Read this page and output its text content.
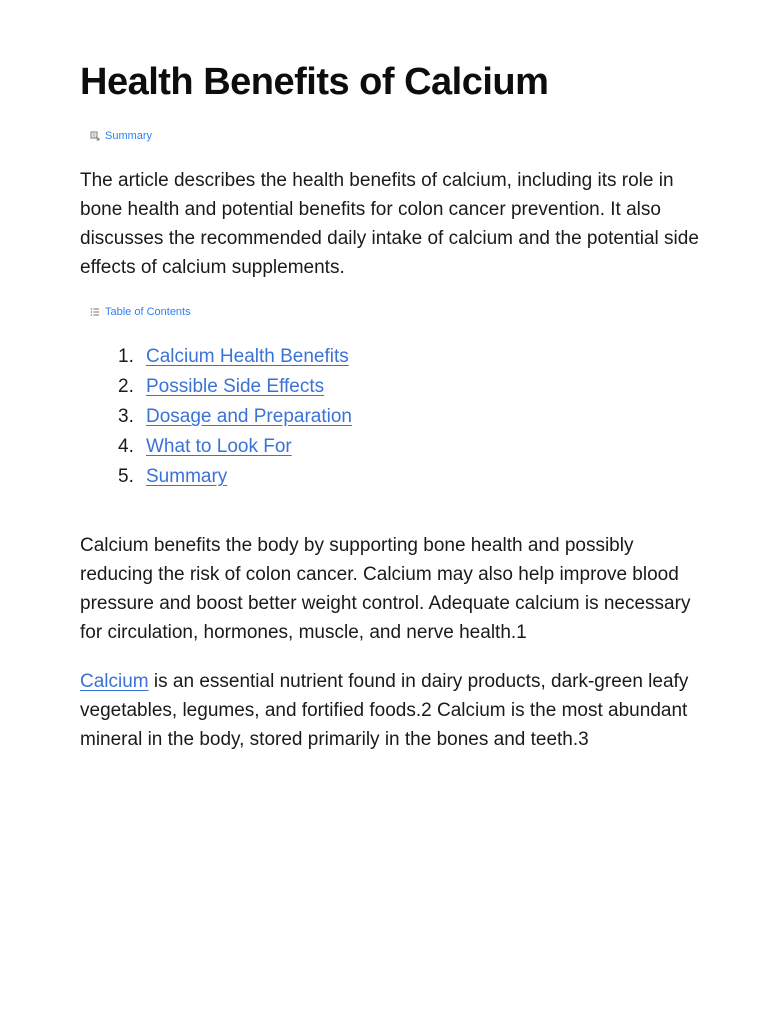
Health Benefits of Calcium
Summary

The article describes the health benefits of calcium, including its role in bone health and potential benefits for colon cancer prevention. It also discusses the recommended daily intake of calcium and the potential side effects of calcium supplements.

Table of Contents
1. Calcium Health Benefits
2. Possible Side Effects
3. Dosage and Preparation
4. What to Look For
5. Summary

Calcium benefits the body by supporting bone health and possibly reducing the risk of colon cancer. Calcium may also help improve blood pressure and boost better weight control. Adequate calcium is necessary for circulation, hormones, muscle, and nerve health.1

Calcium is an essential nutrient found in dairy products, dark-green leafy vegetables, legumes, and fortified foods.2 Calcium is the most abundant mineral in the body, stored primarily in the bones and teeth.3
